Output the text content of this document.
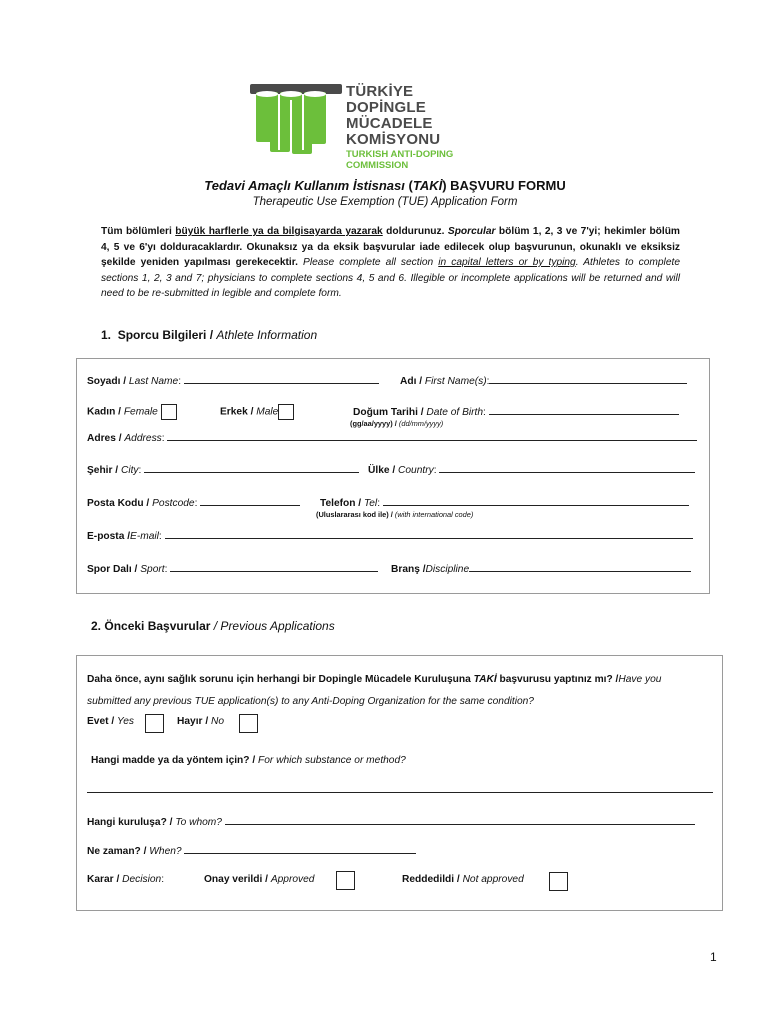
TÜRKİYE
DOPİNGLE MÜCADELE
KOMİSYONU
TURKISH ANTI-DOPING
COMMISSION
Tedavi Amaçlı Kullanım İstisnası (TAKİ) BAŞVURU FORMU
Therapeutic Use Exemption (TUE) Application Form
Tüm bölümleri büyük harflerle ya da bilgisayarda yazarak doldurunuz. Sporcular bölüm 1, 2, 3 ve 7'yi; hekimler bölüm 4, 5 ve 6'yı dolduracaklardır. Okunaksız ya da eksik başvurular iade edilecek olup başvurunun, okunaklı ve eksiksiz şekilde yeniden yapılması gerekecektir. Please complete all section in capital letters or by typing. Athletes to complete sections 1, 2, 3 and 7; physicians to complete sections 4, 5 and 6. Illegible or incomplete applications will be returned and will need to be re-submitted in legible and complete form.
1. Sporcu Bilgileri / Athlete Information
Soyadı / Last Name:	Adı / First Name(s):
Kadın / Female	Erkek / Male	Doğum Tarihi / Date of Birth:
(gg/aa/yyyy) / (dd/mm/yyyy)
Adres / Address:
Şehir / City:	Ülke / Country:
Posta Kodu / Postcode:	Telefon / Tel:
(Uluslararası kod ile) / (with international code)
E-posta /E-mail:
Spor Dalı / Sport:	Branş /Discipline
2. Önceki Başvurular / Previous Applications
Daha önce, aynı sağlık sorunu için herhangi bir Dopingle Mücadele Kuruluşuna TAKİ başvurusu yaptınız mı? /Have you
submitted any previous TUE application(s) to any Anti-Doping Organization for the same condition?
Evet / Yes	Hayır / No
Hangi madde ya da yöntem için? / For which substance or method?
Hangi kuruluşa? / To whom?
Ne zaman? / When?
Karar / Decision:	Onay verildi / Approved	Reddedildi / Not approved
1
